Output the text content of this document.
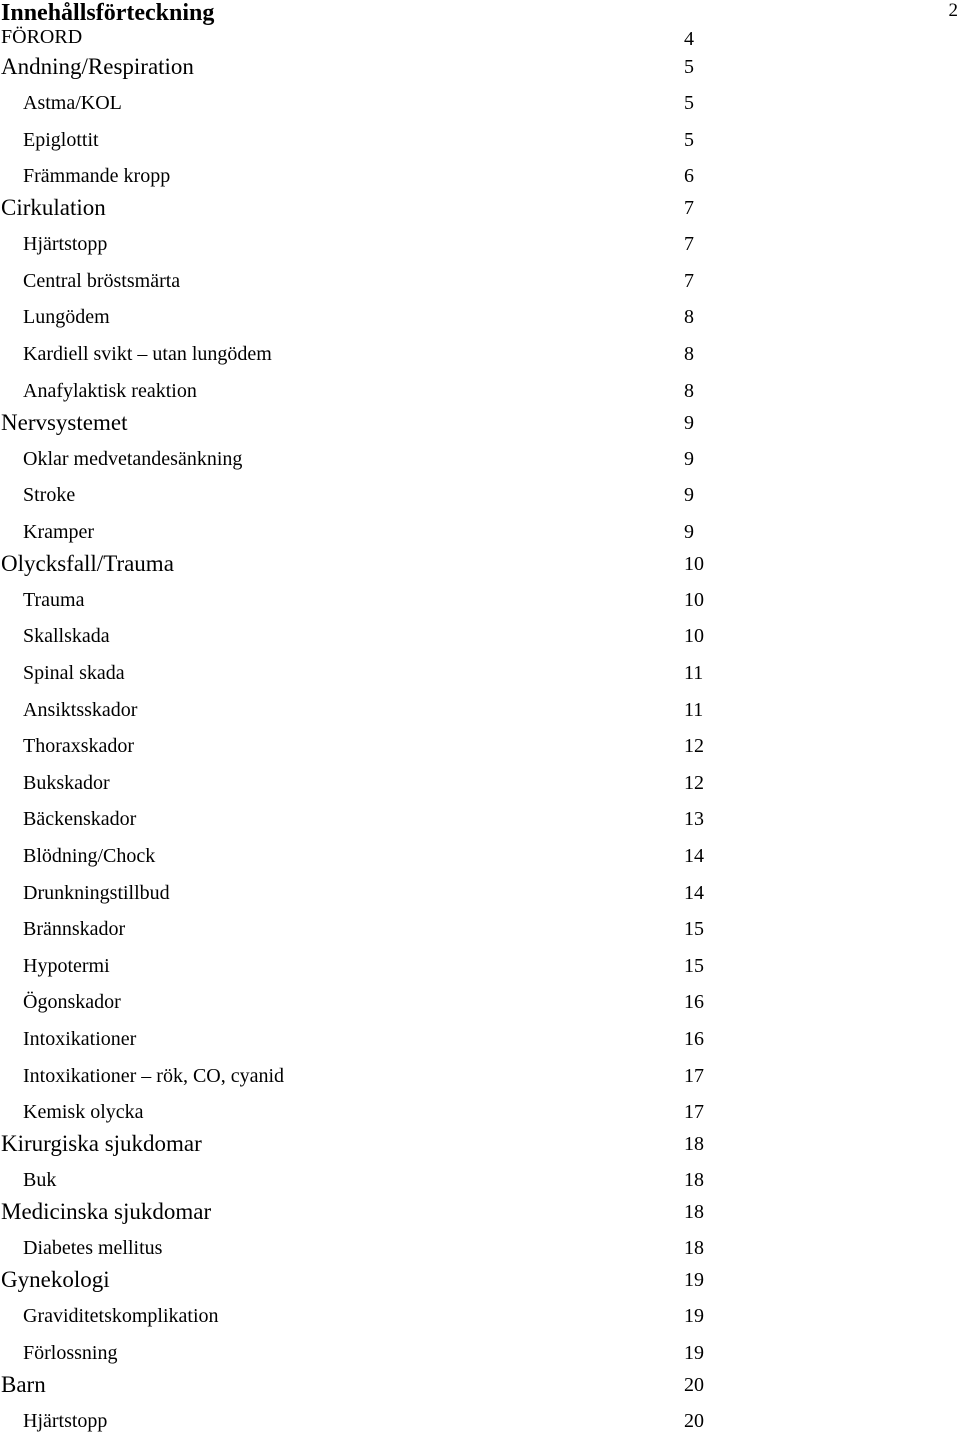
2
Innehållsförteckning
FÖRORD	4
Andning/Respiration	5
Astma/KOL	5
Epiglottit	5
Främmande kropp	6
Cirkulation	7
Hjärtstopp	7
Central bröstsmärta	7
Lungödem	8
Kardiell svikt – utan lungödem	8
Anafylaktisk reaktion	8
Nervsystemet	9
Oklar medvetandesänkning	9
Stroke	9
Kramper	9
Olycksfall/Trauma	10
Trauma	10
Skallskada	10
Spinal skada	11
Ansiktsskador	11
Thoraxskador	12
Bukskador	12
Bäckenskador	13
Blödning/Chock	14
Drunkningstillbud	14
Brännskador	15
Hypotermi	15
Ögonskador	16
Intoxikationer	16
Intoxikationer – rök, CO, cyanid	17
Kemisk olycka	17
Kirurgiska sjukdomar	18
Buk	18
Medicinska sjukdomar	18
Diabetes mellitus	18
Gynekologi	19
Graviditetskomplikation	19
Förlossning	19
Barn	20
Hjärtstopp	20
